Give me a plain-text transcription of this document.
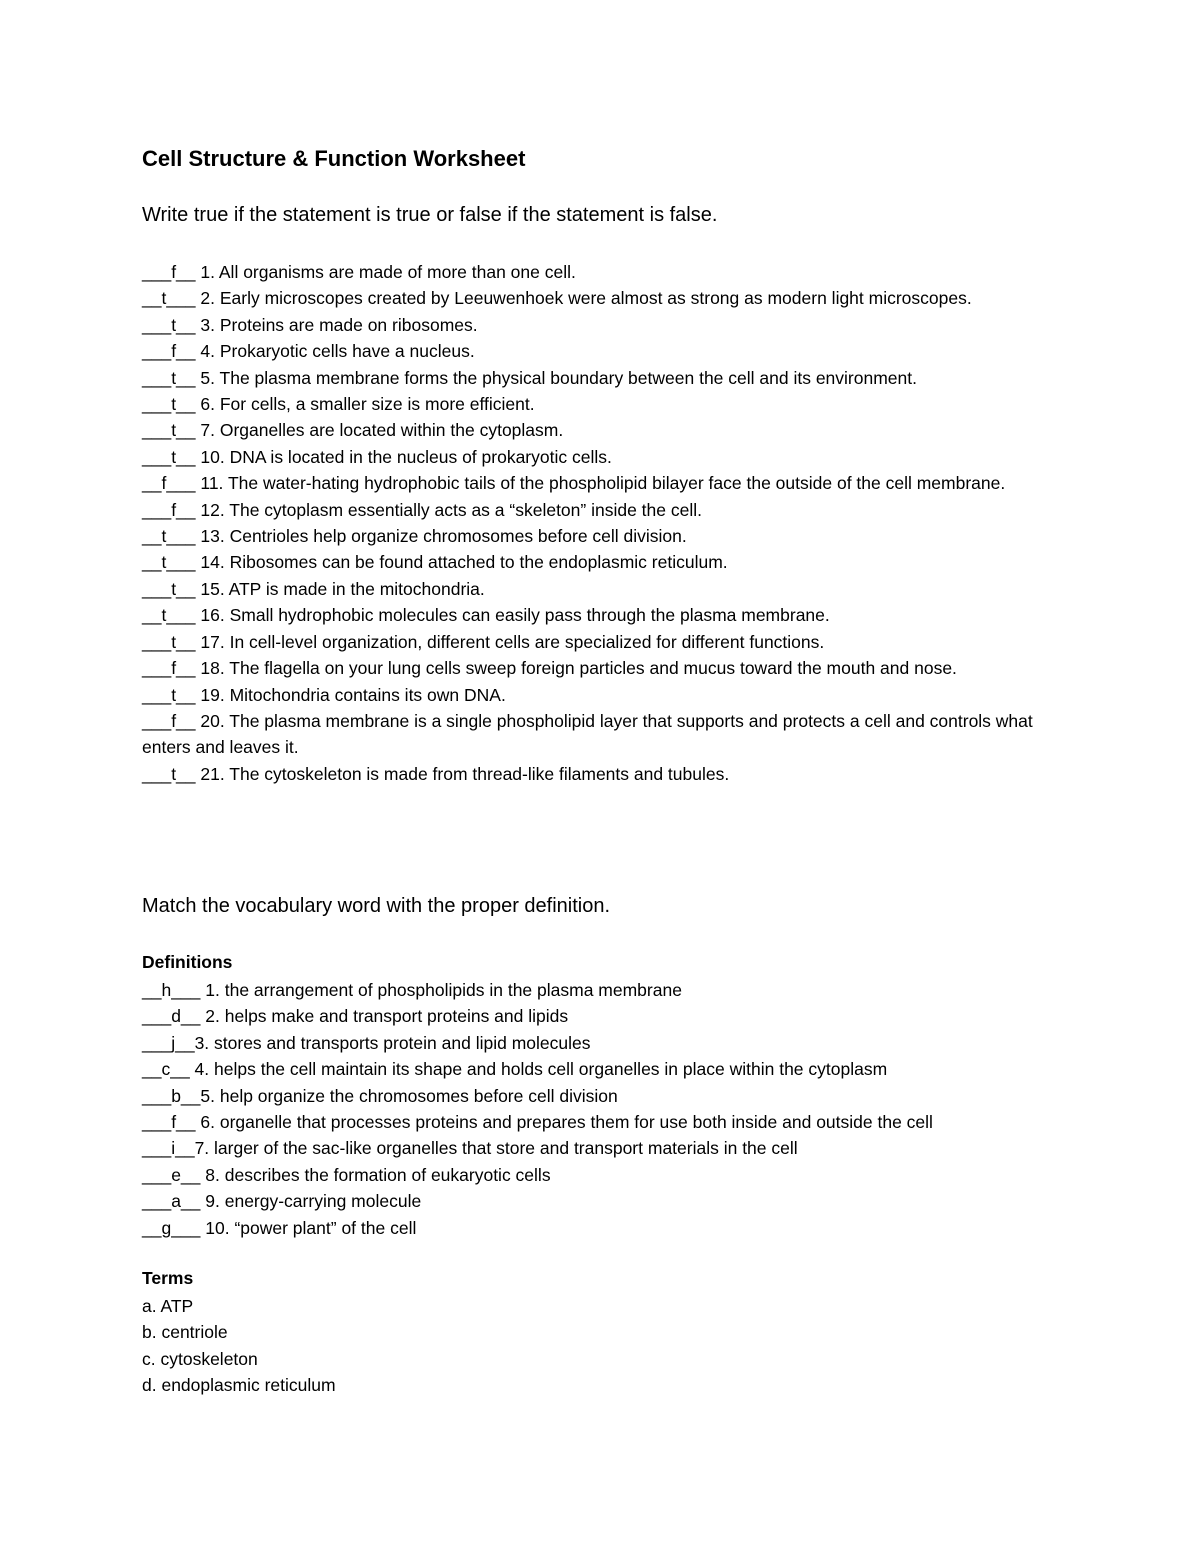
Cell Structure & Function Worksheet

Write true if the statement is true or false if the statement is false.

___f__ 1. All organisms are made of more than one cell.
__t___ 2. Early microscopes created by Leeuwenhoek were almost as strong as modern light microscopes.
___t__ 3. Proteins are made on ribosomes.
___f__ 4. Prokaryotic cells have a nucleus.
___t__ 5. The plasma membrane forms the physical boundary between the cell and its environment.
___t__ 6. For cells, a smaller size is more efficient.
___t__ 7. Organelles are located within the cytoplasm.
___t__ 10. DNA is located in the nucleus of prokaryotic cells.
__f___ 11. The water-hating hydrophobic tails of the phospholipid bilayer face the outside of the cell membrane.
___f__ 12. The cytoplasm essentially acts as a “skeleton” inside the cell.
__t___ 13. Centrioles help organize chromosomes before cell division.
__t___ 14. Ribosomes can be found attached to the endoplasmic reticulum.
___t__ 15. ATP is made in the mitochondria.
__t___ 16. Small hydrophobic molecules can easily pass through the plasma membrane.
___t__ 17. In cell-level organization, different cells are specialized for different functions.
___f__ 18. The flagella on your lung cells sweep foreign particles and mucus toward the mouth and nose.
___t__ 19. Mitochondria contains its own DNA.
___f__ 20. The plasma membrane is a single phospholipid layer that supports and protects a cell and controls what enters and leaves it.
___t__ 21. The cytoskeleton is made from thread-like filaments and tubules.

Match the vocabulary word with the proper definition.

Definitions

__h___ 1. the arrangement of phospholipids in the plasma membrane
___d__ 2. helps make and transport proteins and lipids
___j__3. stores and transports protein and lipid molecules
__c__ 4. helps the cell maintain its shape and holds cell organelles in place within the cytoplasm
___b__5. help organize the chromosomes before cell division
___f__ 6. organelle that processes proteins and prepares them for use both inside and outside the cell
___i__7. larger of the sac-like organelles that store and transport materials in the cell
___e__ 8. describes the formation of eukaryotic cells
___a__ 9. energy-carrying molecule
__g___ 10. “power plant” of the cell

Terms

a. ATP
b. centriole
c. cytoskeleton
d. endoplasmic reticulum
